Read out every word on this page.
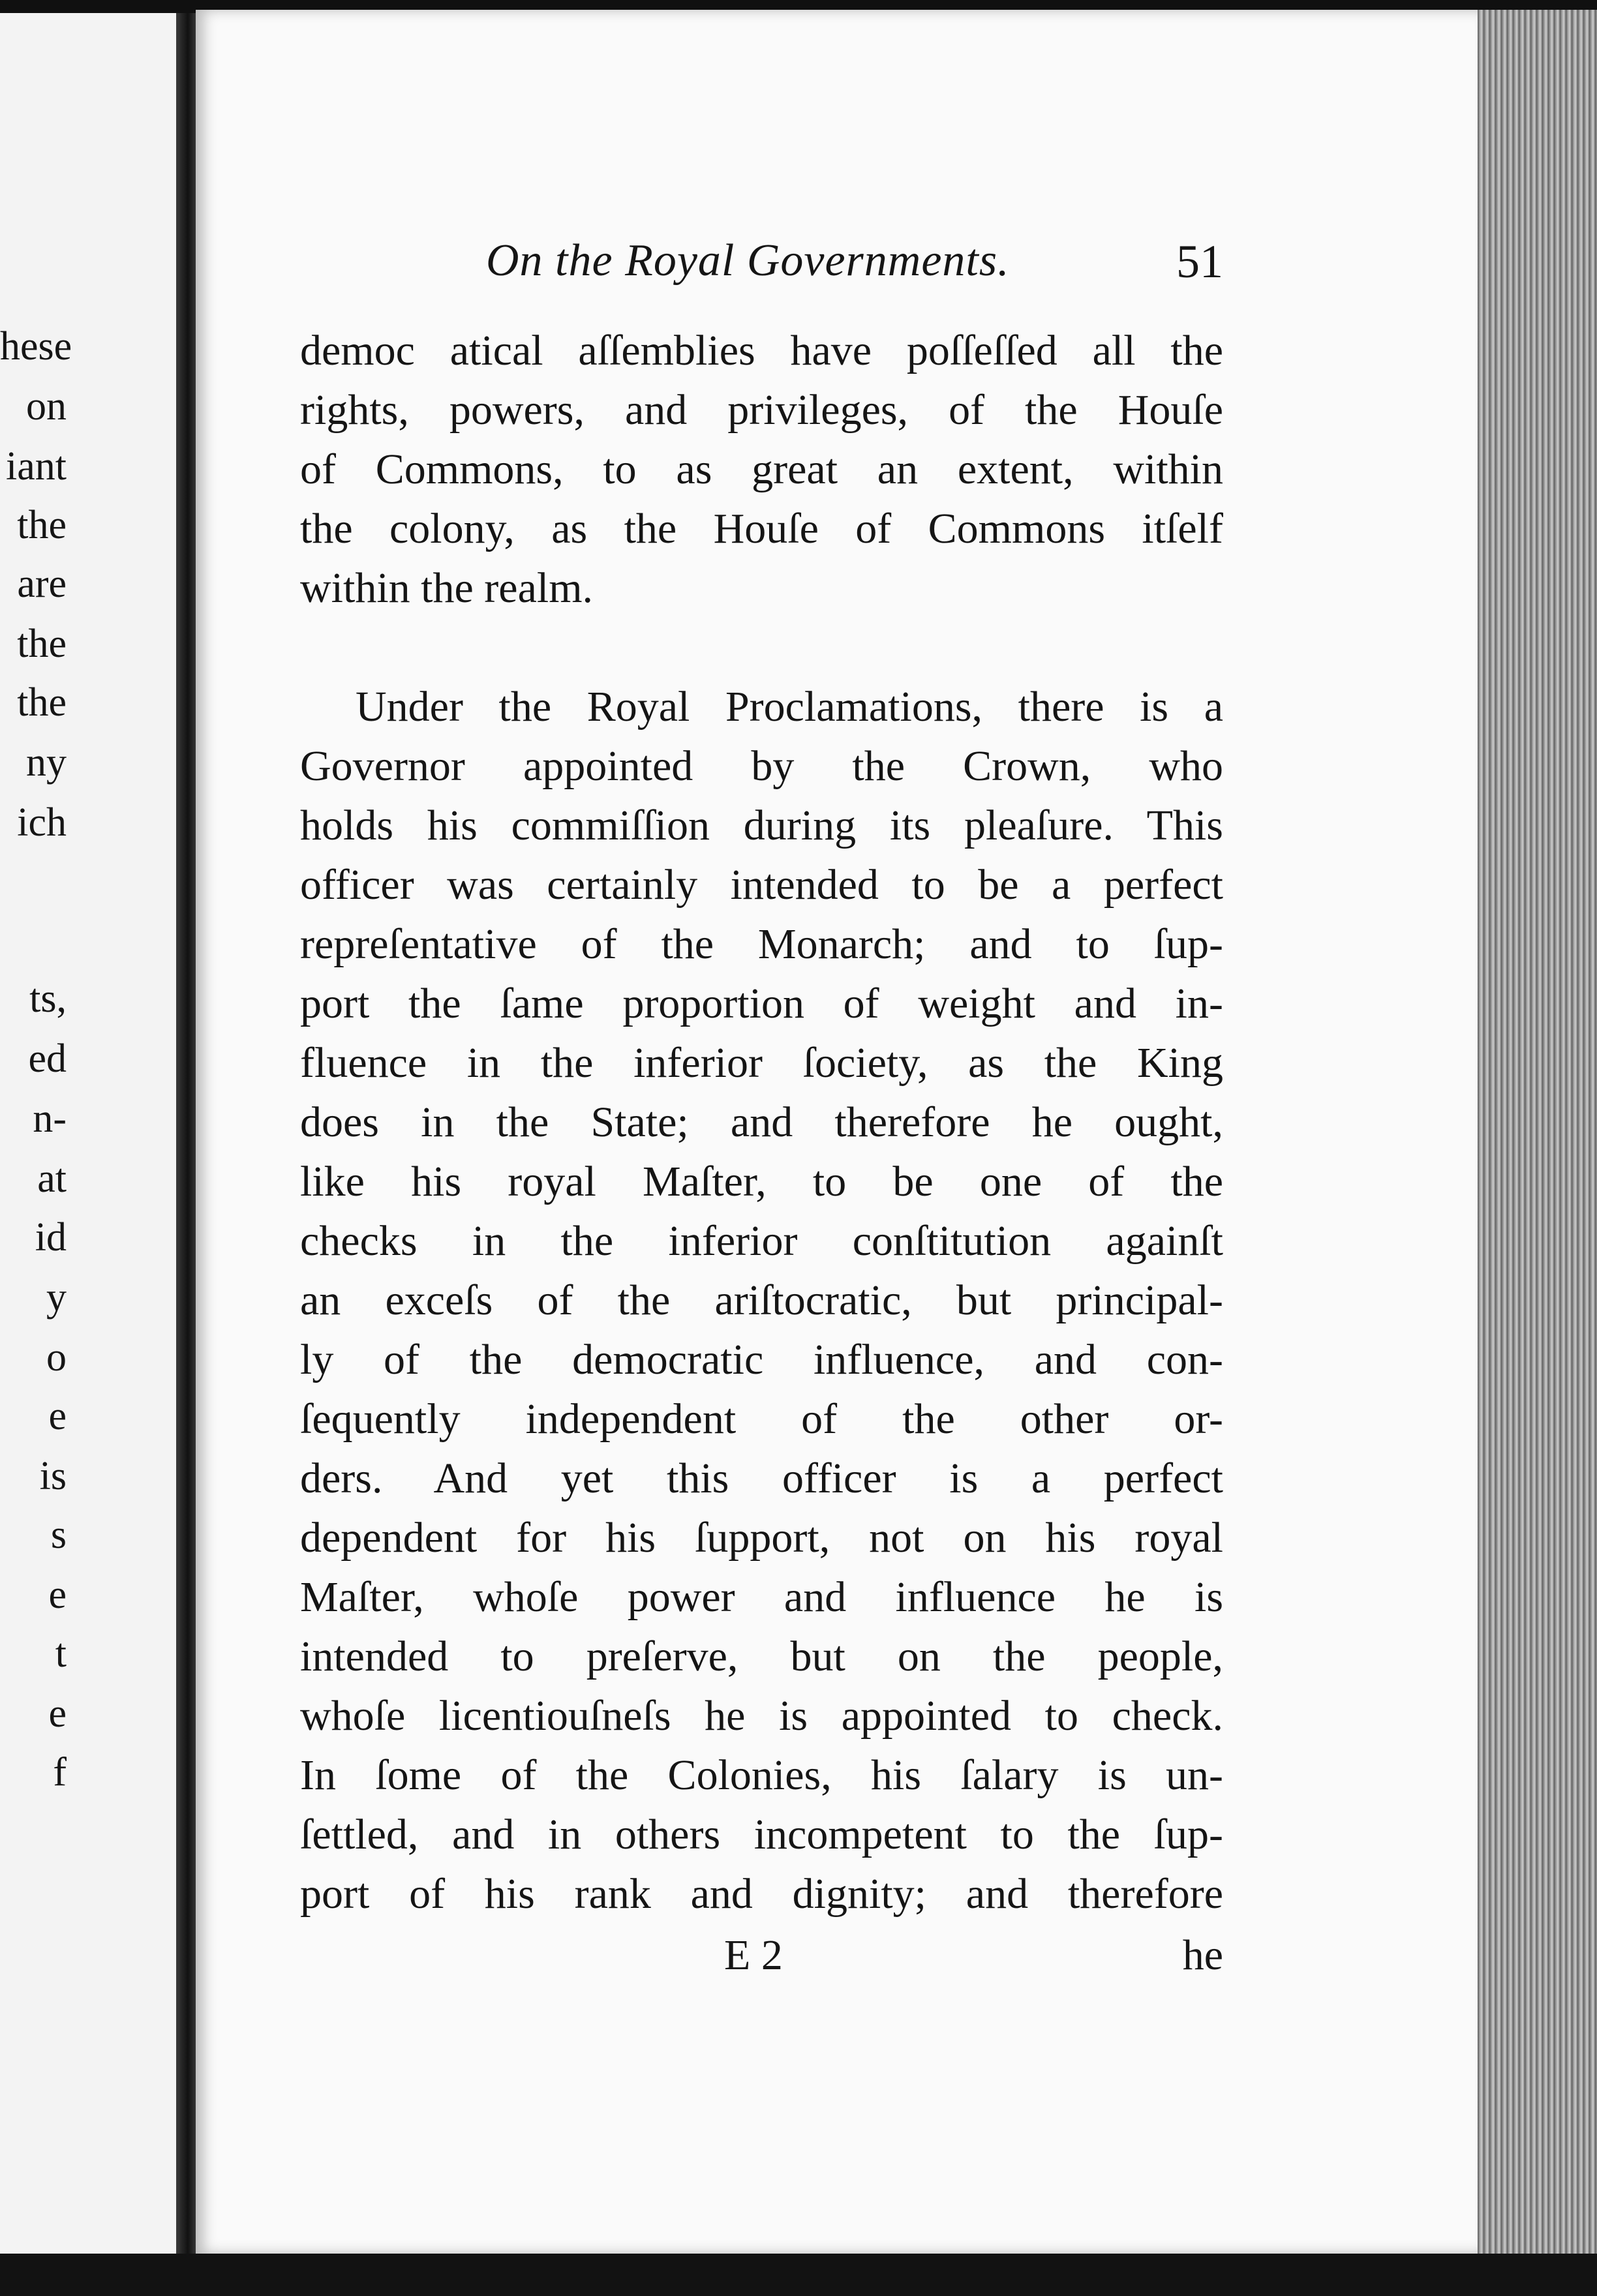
hese
on
iant
the
are
the
the
ny
ich
ts,
ed
n-
at
id
y
o
e
is
s
e
t
e
f
On the Royal Governments.	51
democ atical aſſemblies have poſſeſſed all the
rights, powers, and privileges, of the Houſe
of Commons, to as great an extent, within
the colony, as the Houſe of Commons itſelf
within the realm.
Under the Royal Proclamations, there is a
Governor appointed by the Crown, who
holds his commiſſion during its pleaſure. This
officer was certainly intended to be a perfect
repreſentative of the Monarch; and to ſup-
port the ſame proportion of weight and in-
fluence in the inferior ſociety, as the King
does in the State; and therefore he ought,
like his royal Maſter, to be one of the
checks in the inferior conſtitution againſt
an exceſs of the ariſtocratic, but principal-
ly of the democratic influence, and con-
ſequently independent of the other or-
ders. And yet this officer is a perfect
dependent for his ſupport, not on his royal
Maſter, whoſe power and influence he is
intended to preſerve, but on the people,
whoſe licentiouſneſs he is appointed to check.
In ſome of the Colonies, his ſalary is un-
ſettled, and in others incompetent to the ſup-
port of his rank and dignity; and therefore
E 2	he
